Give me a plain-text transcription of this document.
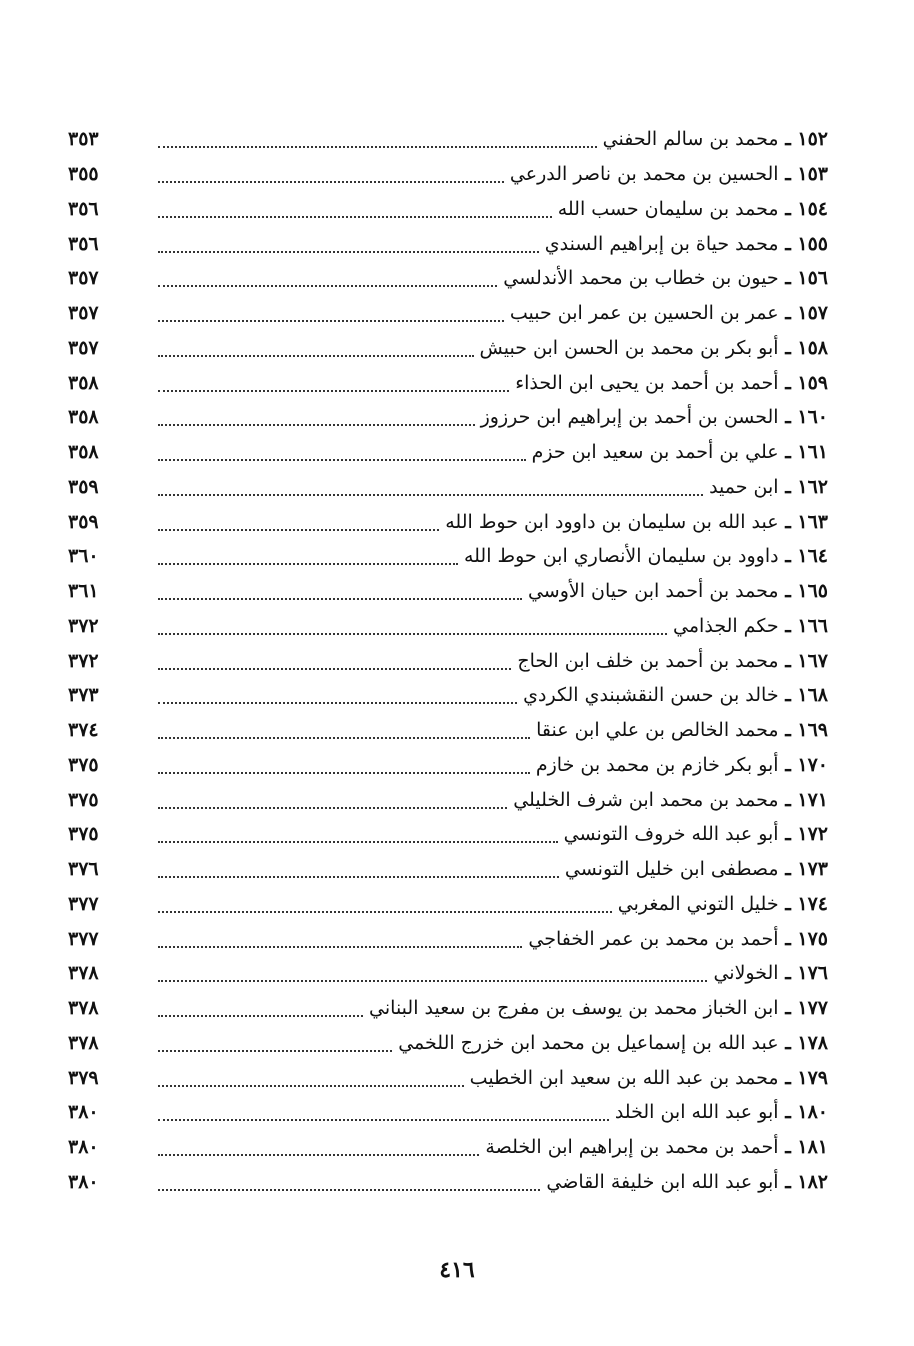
١٥٢ ـ محمد بن سالم الحفني
٣٥٣
١٥٣ ـ الحسين بن محمد بن ناصر الدرعي
٣٥٥
١٥٤ ـ محمد بن سليمان حسب الله
٣٥٦
١٥٥ ـ محمد حياة بن إبراهيم السندي
٣٥٦
١٥٦ ـ حيون بن خطاب بن محمد الأندلسي
٣٥٧
١٥٧ ـ عمر بن الحسين بن عمر ابن حبيب
٣٥٧
١٥٨ ـ أبو بكر بن محمد بن الحسن ابن حبيش
٣٥٧
١٥٩ ـ أحمد بن أحمد بن يحيى ابن الحذاء
٣٥٨
١٦٠ ـ الحسن بن أحمد بن إبراهيم ابن حرزوز
٣٥٨
١٦١ ـ علي بن أحمد بن سعيد ابن حزم
٣٥٨
١٦٢ ـ ابن حميد
٣٥٩
١٦٣ ـ عبد الله بن سليمان بن داوود ابن حوط الله
٣٥٩
١٦٤ ـ داوود بن سليمان الأنصاري ابن حوط الله
٣٦٠
١٦٥ ـ محمد بن أحمد ابن حيان الأوسي
٣٦١
١٦٦ ـ حكم الجذامي
٣٧٢
١٦٧ ـ محمد بن أحمد بن خلف ابن الحاج
٣٧٢
١٦٨ ـ خالد بن حسن النقشبندي الكردي
٣٧٣
١٦٩ ـ محمد الخالص بن علي ابن عنقا
٣٧٤
١٧٠ ـ أبو بكر خازم بن محمد بن خازم
٣٧٥
١٧١ ـ محمد بن محمد ابن شرف الخليلي
٣٧٥
١٧٢ ـ أبو عبد الله خروف التونسي
٣٧٥
١٧٣ ـ مصطفى ابن خليل التونسي
٣٧٦
١٧٤ ـ خليل التوني المغربي
٣٧٧
١٧٥ ـ أحمد بن محمد بن عمر الخفاجي
٣٧٧
١٧٦ ـ الخولاني
٣٧٨
١٧٧ ـ ابن الخباز محمد بن يوسف بن مفرج بن سعيد البناني
٣٧٨
١٧٨ ـ عبد الله بن إسماعيل بن محمد ابن خزرج اللخمي
٣٧٨
١٧٩ ـ محمد بن عبد الله بن سعيد ابن الخطيب
٣٧٩
١٨٠ ـ أبو عبد الله ابن الخلد
٣٨٠
١٨١ ـ أحمد بن محمد بن إبراهيم ابن الخلصة
٣٨٠
١٨٢ ـ أبو عبد الله ابن خليفة القاضي
٣٨٠
٤١٦
